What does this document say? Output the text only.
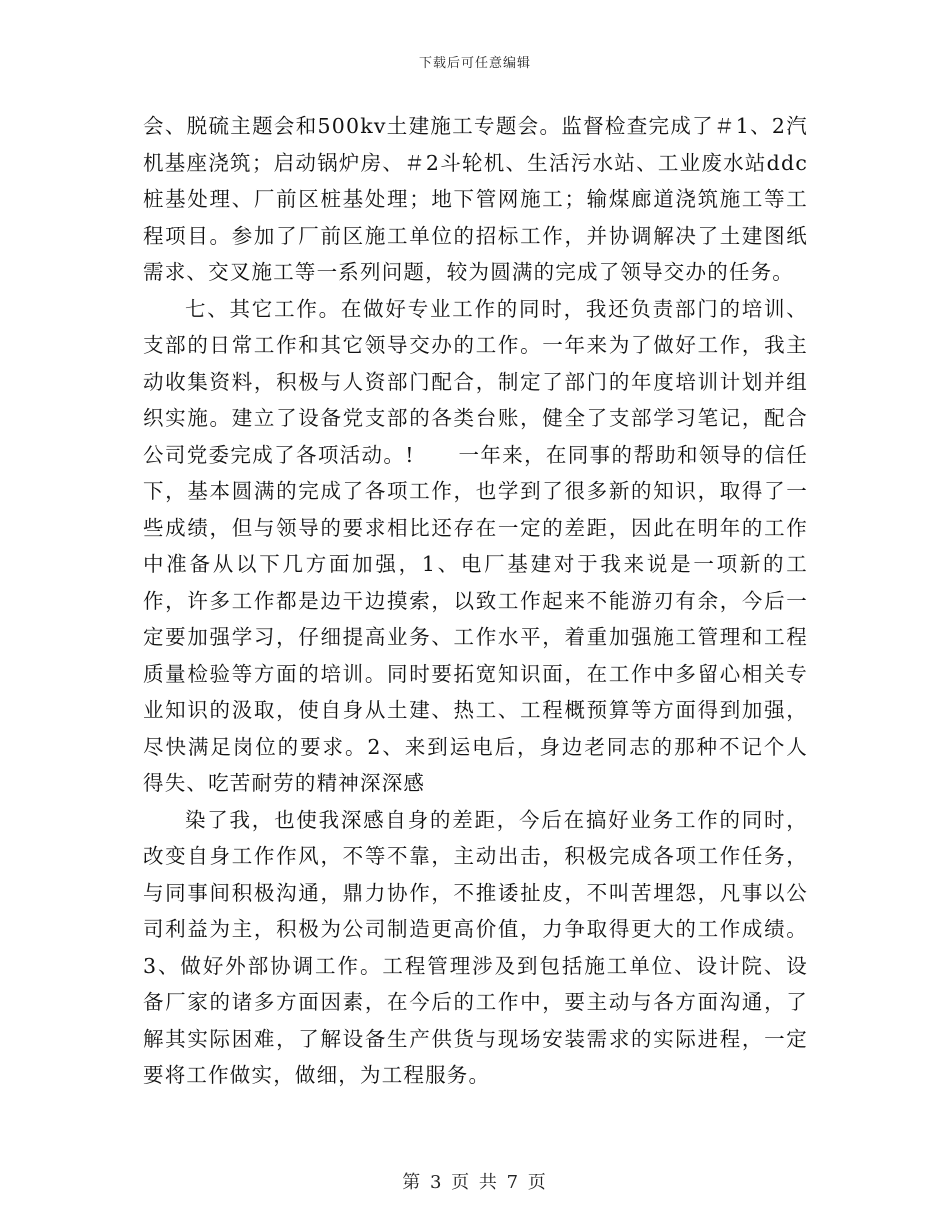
下载后可任意编辑

会、脱硫主题会和500kv土建施工专题会。监督检查完成了＃1、2汽机基座浇筑；启动锅炉房、＃2斗轮机、生活污水站、工业废水站ddc桩基处理、厂前区桩基处理；地下管网施工；输煤廊道浇筑施工等工程项目。参加了厂前区施工单位的招标工作，并协调解决了土建图纸需求、交叉施工等一系列问题，较为圆满的完成了领导交办的任务。

七、其它工作。在做好专业工作的同时，我还负责部门的培训、支部的日常工作和其它领导交办的工作。一年来为了做好工作，我主动收集资料，积极与人资部门配合，制定了部门的年度培训计划并组织实施。建立了设备党支部的各类台账，健全了支部学习笔记，配合公司党委完成了各项活动。!　　一年来，在同事的帮助和领导的信任下，基本圆满的完成了各项工作，也学到了很多新的知识，取得了一些成绩，但与领导的要求相比还存在一定的差距，因此在明年的工作中准备从以下几方面加强，1、电厂基建对于我来说是一项新的工作，许多工作都是边干边摸索，以致工作起来不能游刃有余，今后一定要加强学习，仔细提高业务、工作水平，着重加强施工管理和工程质量检验等方面的培训。同时要拓宽知识面，在工作中多留心相关专业知识的汲取，使自身从土建、热工、工程概预算等方面得到加强，尽快满足岗位的要求。2、来到运电后，身边老同志的那种不记个人得失、吃苦耐劳的精神深深感

染了我，也使我深感自身的差距，今后在搞好业务工作的同时，改变自身工作作风，不等不靠，主动出击，积极完成各项工作任务，与同事间积极沟通，鼎力协作，不推诿扯皮，不叫苦埋怨，凡事以公司利益为主，积极为公司制造更高价值，力争取得更大的工作成绩。3、做好外部协调工作。工程管理涉及到包括施工单位、设计院、设备厂家的诸多方面因素，在今后的工作中，要主动与各方面沟通，了解其实际困难，了解设备生产供货与现场安装需求的实际进程，一定要将工作做实，做细，为工程服务。

第 3 页 共 7 页
